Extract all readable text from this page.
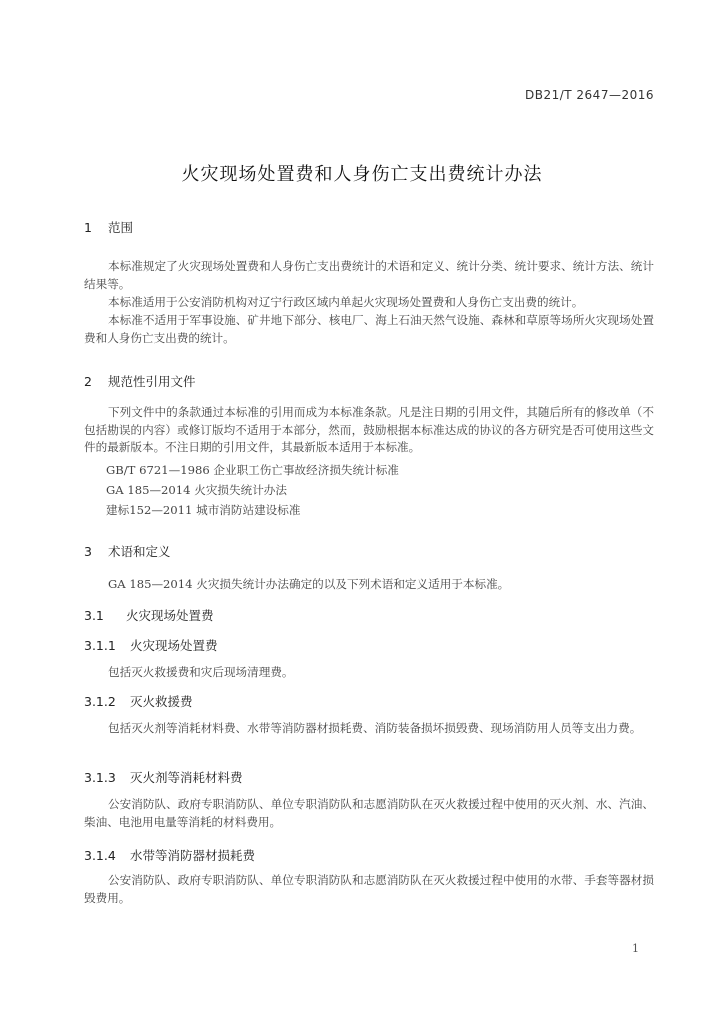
DB21/T 2647—2016
火灾现场处置费和人身伤亡支出费统计办法
1 范围
本标准规定了火灾现场处置费和人身伤亡支出费统计的术语和定义、统计分类、统计要求、统计方法、统计结果等。
本标准适用于公安消防机构对辽宁行政区域内单起火灾现场处置费和人身伤亡支出费的统计。
本标准不适用于军事设施、矿井地下部分、核电厂、海上石油天然气设施、森林和草原等场所火灾现场处置费和人身伤亡支出费的统计。
2 规范性引用文件
下列文件中的条款通过本标准的引用而成为本标准条款。凡是注日期的引用文件，其随后所有的修改单（不包括勘误的内容）或修订版均不适用于本部分，然而，鼓励根据本标准达成的协议的各方研究是否可使用这些文件的最新版本。不注日期的引用文件，其最新版本适用于本标准。
GB/T 6721—1986 企业职工伤亡事故经济损失统计标准
GA 185—2014 火灾损失统计办法
建标152—2011 城市消防站建设标准
3 术语和定义
GA 185—2014 火灾损失统计办法确定的以及下列术语和定义适用于本标准。
3.1 火灾现场处置费
3.1.1 火灾现场处置费
包括灭火救援费和灾后现场清理费。
3.1.2 灭火救援费
包括灭火剂等消耗材料费、水带等消防器材损耗费、消防装备损坏损毁费、现场消防用人员等支出力费。
3.1.3 灭火剂等消耗材料费
公安消防队、政府专职消防队、单位专职消防队和志愿消防队在灭火救援过程中使用的灭火剂、水、汽油、柴油、电池用电量等消耗的材料费用。
3.1.4 水带等消防器材损耗费
公安消防队、政府专职消防队、单位专职消防队和志愿消防队在灭火救援过程中使用的水带、手套等器材损毁费用。
1
